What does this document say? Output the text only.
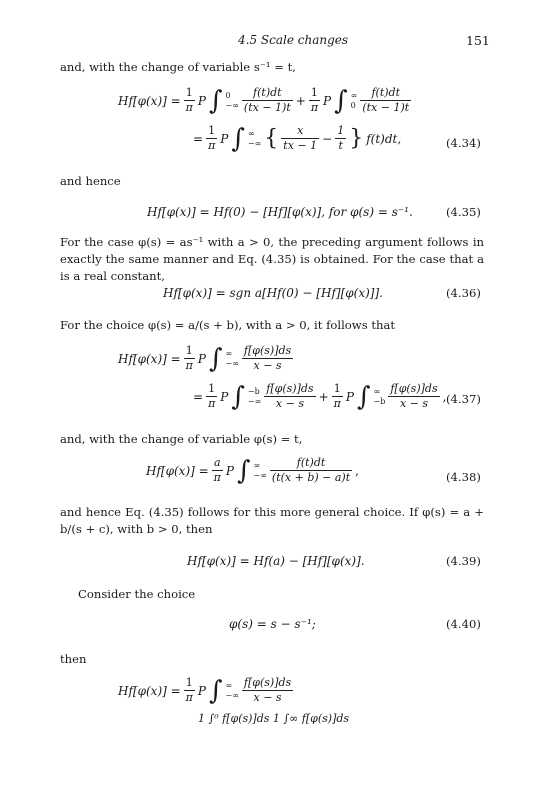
4.5 Scale changes	151
and, with the change of variable s⁻¹ = t,
$Hf[\varphi(x)] = \frac{1}{\pi}$ P ∫ 0
−∞ $\frac{f(t)dt}{(tx - 1)t} + \frac{1}{\pi}$ P ∫ ∞
$0 \frac{f(t)dt}{(tx - 1)t}$
= $\frac{1}{\pi}$ P ∫ ∞
−∞ { $\frac{x}{tx - 1} - \frac{1}{t}$ } f(t)dt,	(4.34)
and hence
Hf[φ(x)] = Hf(0) − [Hf][φ(x)], for φ(s) = s⁻¹.	(4.35)
For the case φ(s) = as⁻¹ with a > 0, the preceding argument follows in exactly the same manner and Eq. (4.35) is obtained. For the case that a is a real constant,
Hf[φ(x)] = sgn a[Hf(0) − [Hf][φ(x)]].	(4.36)
For the choice φ(s) = a/(s + b), with a > 0, it follows that
$Hf[\varphi(x)] = \frac{1}{\pi}$ P ∫ ∞
−∞ $\frac{f[\varphi(s)]ds}{x - s}$
= $\frac{1}{\pi}$ P ∫ −b
−∞ $\frac{f[\varphi(s)]ds}{x - s} + \frac{1}{\pi}$ P ∫ ∞
$-b \frac{f[\varphi(s)]ds}{x - s}$ , (4.37)
and, with the change of variable φ(s) = t,
$Hf[\varphi(x)] = \frac{a}{\pi}$ P ∫ ∞
−∞ $\frac{f(t)dt}{(t(x + b) - a)t}$ ,	(4.38)
and hence Eq. (4.35) follows for this more general choice. If φ(s) = a + b/(s + c), with b > 0, then
Hf[φ(x)] = Hf(a) − [Hf][φ(x)].	(4.39)
Consider the choice
φ(s) = s − s⁻¹;	(4.40)
then
$Hf[\varphi(x)] = \frac{1}{\pi}$ P ∫ ∞
−∞ $\frac{f[\varphi(s)]ds}{x - s}$
1 ∫⁰ f[φ(s)]ds 1 ∫∞ f[φ(s)]ds
